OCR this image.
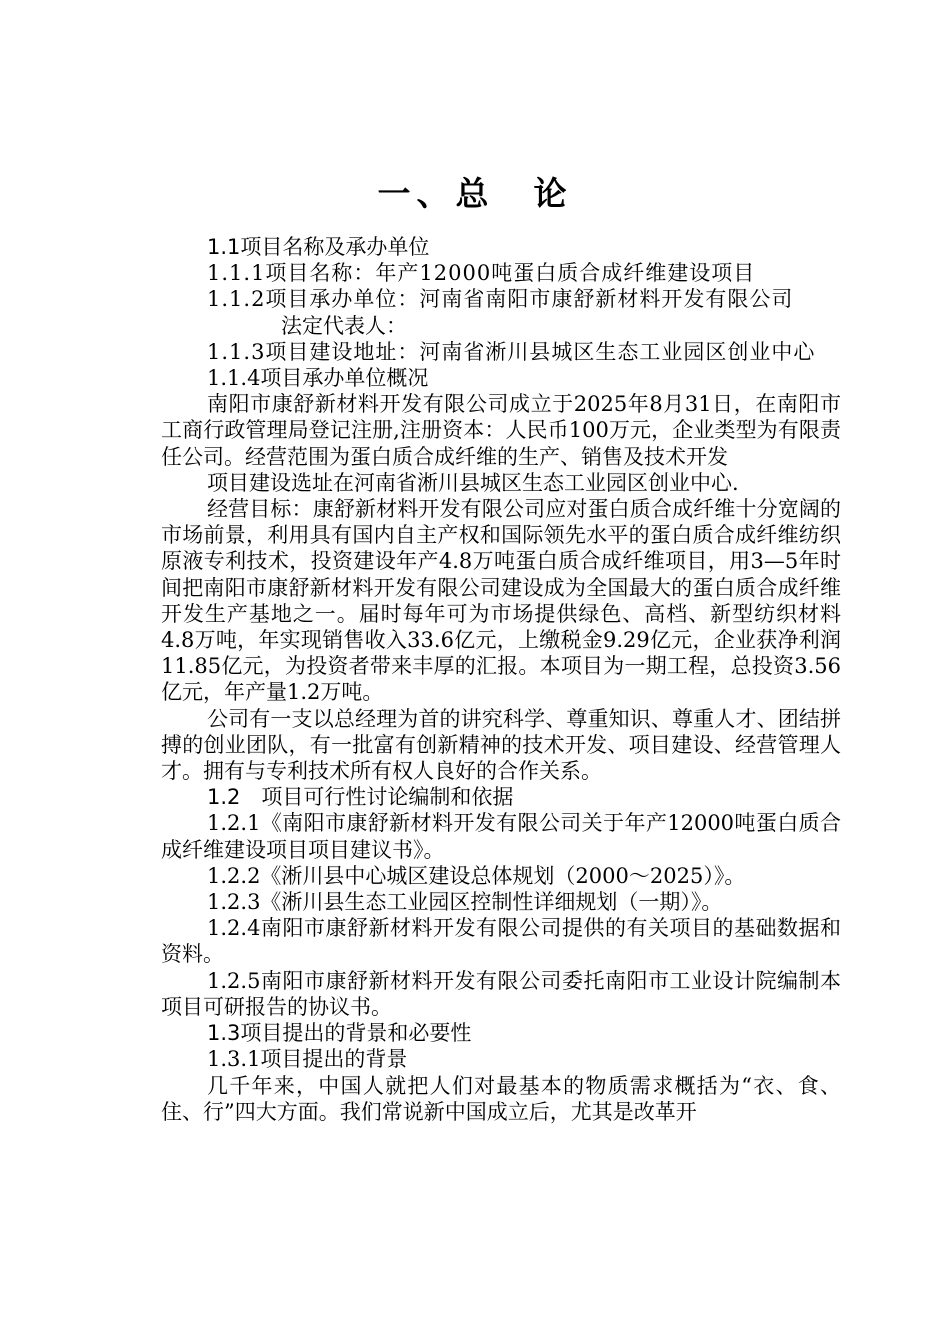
一、总　论

1.1项目名称及承办单位

1.1.1项目名称：年产12000吨蛋白质合成纤维建设项目

1.1.2项目承办单位：河南省南阳市康舒新材料开发有限公司

法定代表人：

1.1.3项目建设地址：河南省淅川县城区生态工业园区创业中心

1.1.4项目承办单位概况

南阳市康舒新材料开发有限公司成立于2025年8月31日，在南阳市工商行政管理局登记注册,注册资本：人民币100万元，企业类型为有限责任公司。经营范围为蛋白质合成纤维的生产、销售及技术开发

项目建设选址在河南省淅川县城区生态工业园区创业中心.

经营目标：康舒新材料开发有限公司应对蛋白质合成纤维十分宽阔的市场前景，利用具有国内自主产权和国际领先水平的蛋白质合成纤维纺织原液专利技术，投资建设年产4.8万吨蛋白质合成纤维项目，用3—5年时间把南阳市康舒新材料开发有限公司建设成为全国最大的蛋白质合成纤维开发生产基地之一。届时每年可为市场提供绿色、高档、新型纺织材料4.8万吨，年实现销售收入33.6亿元，上缴税金9.29亿元，企业获净利润11.85亿元，为投资者带来丰厚的汇报。本项目为一期工程，总投资3.56亿元，年产量1.2万吨。

公司有一支以总经理为首的讲究科学、尊重知识、尊重人才、团结拼搏的创业团队，有一批富有创新精神的技术开发、项目建设、经营管理人才。拥有与专利技术所有权人良好的合作关系。

1.2　项目可行性讨论编制和依据

1.2.1《南阳市康舒新材料开发有限公司关于年产12000吨蛋白质合成纤维建设项目项目建议书》。

1.2.2《淅川县中心城区建设总体规划（2000～2025）》。

1.2.3《淅川县生态工业园区控制性详细规划（一期）》。

1.2.4南阳市康舒新材料开发有限公司提供的有关项目的基础数据和资料。

1.2.5南阳市康舒新材料开发有限公司委托南阳市工业设计院编制本项目可研报告的协议书。

1.3项目提出的背景和必要性

1.3.1项目提出的背景

几千年来，中国人就把人们对最基本的物质需求概括为“衣、食、住、行”四大方面。我们常说新中国成立后，尤其是改革开
